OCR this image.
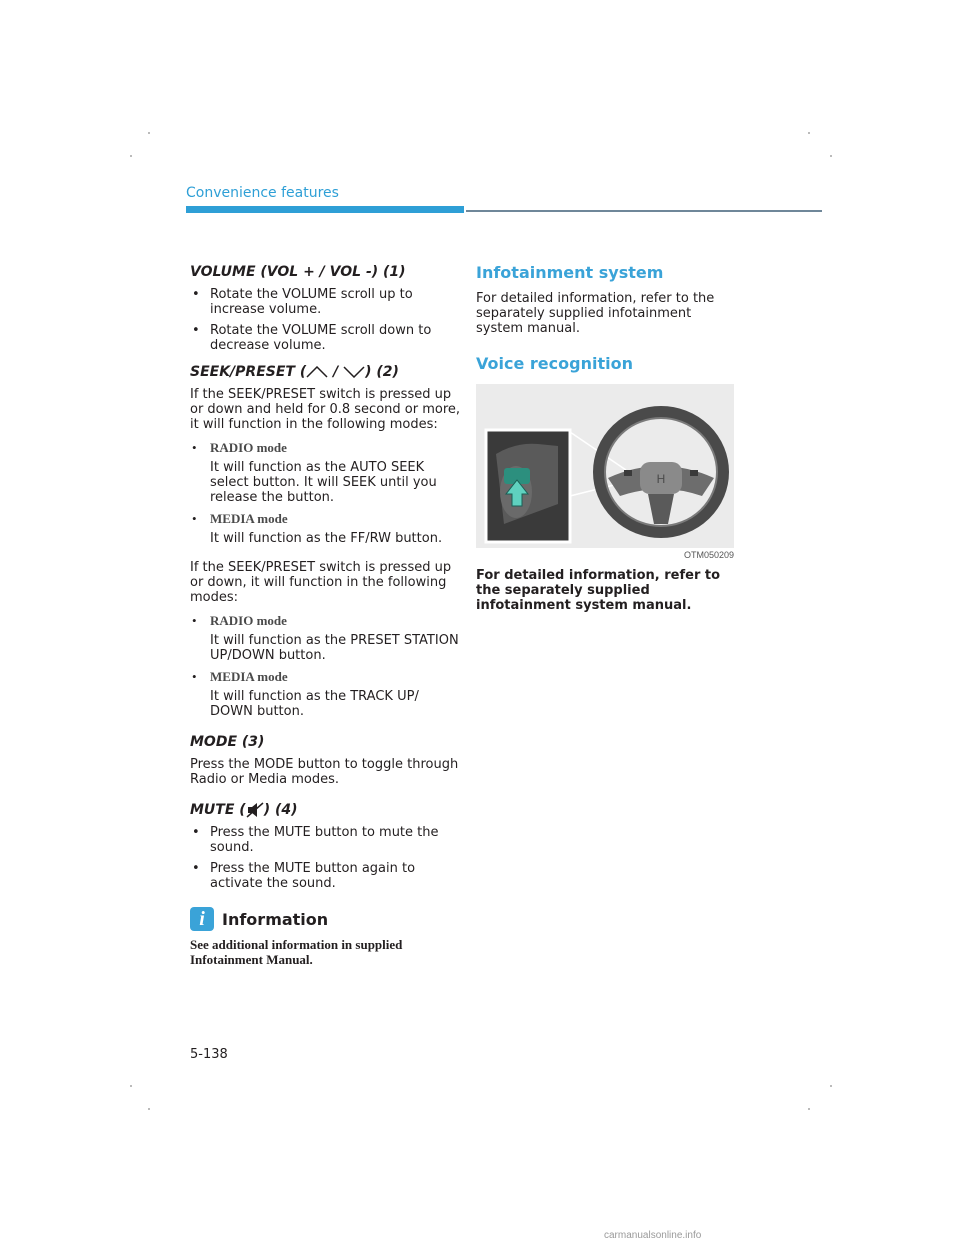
Convenience features
VOLUME (VOL + / VOL -) (1)
• Rotate the VOLUME scroll up to increase volume.
• Rotate the VOLUME scroll down to decrease volume.
SEEK/PRESET ( / ) (2)

If the SEEK/PRESET switch is pressed up or down and held for 0.8 second or more, it will function in the following modes:

• RADIO mode
It will function as the AUTO SEEK select button. It will SEEK until you release the button.
• MEDIA mode
It will function as the FF/RW button.

If the SEEK/PRESET switch is pressed up or down, it will function in the following modes:

• RADIO mode
It will function as the PRESET STATION UP/DOWN button.
• MEDIA mode
It will function as the TRACK UP/ DOWN button.
MODE (3)

Press the MODE button to toggle through Radio or Media modes.

MUTE ( ) (4)
• Press the MUTE button to mute the sound.
• Press the MUTE button again to activate the sound.
i	Information

See additional information in supplied Infotainment Manual.

Infotainment system

For detailed information, refer to the separately supplied infotainment system manual.

Voice recognition
H
OTM050209

For detailed information, refer to the separately supplied infotainment system manual.

5-138
carmanualsonline.info
